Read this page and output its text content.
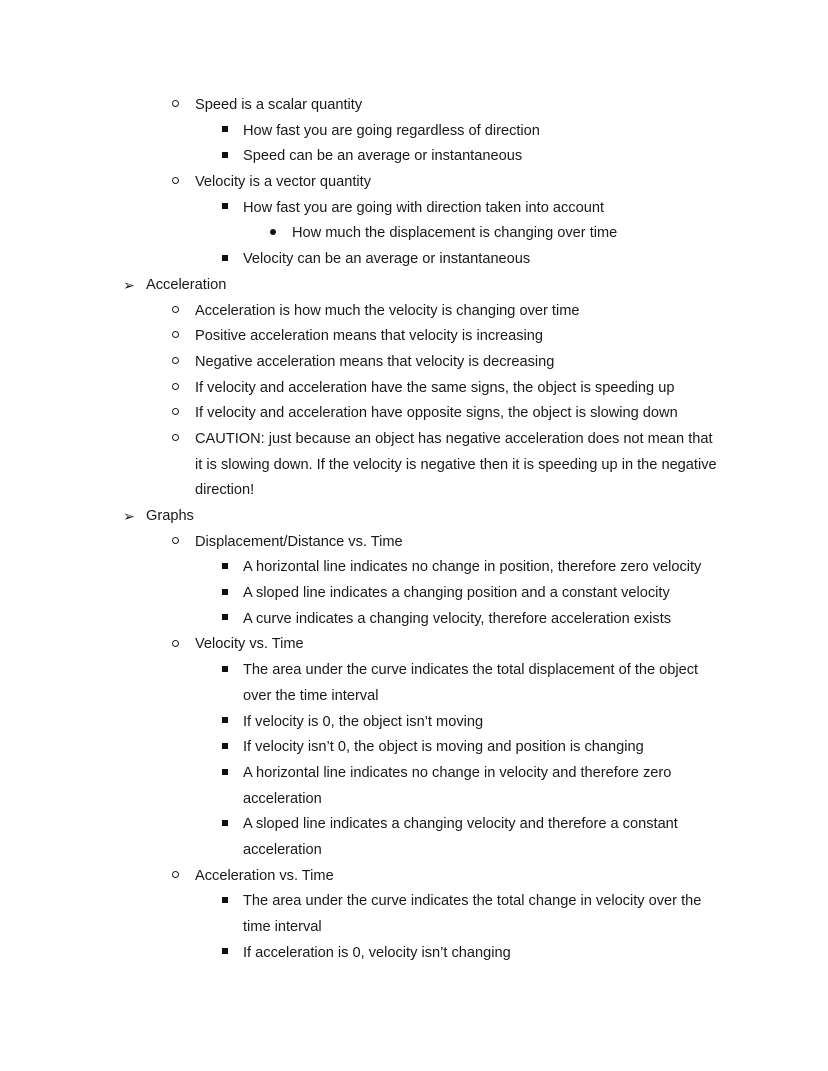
Speed is a scalar quantity
How fast you are going regardless of direction
Speed can be an average or instantaneous
Velocity is a vector quantity
How fast you are going with direction taken into account
How much the displacement is changing over time
Velocity can be an average or instantaneous
➢ Acceleration
Acceleration is how much the velocity is changing over time
Positive acceleration means that velocity is increasing
Negative acceleration means that velocity is decreasing
If velocity and acceleration have the same signs, the object is speeding up
If velocity and acceleration have opposite signs, the object is slowing down
CAUTION: just because an object has negative acceleration does not mean that
it is slowing down. If the velocity is negative then it is speeding up in the negative
direction!
➢ Graphs
Displacement/Distance vs. Time
A horizontal line indicates no change in position, therefore zero velocity
A sloped line indicates a changing position and a constant velocity
A curve indicates a changing velocity, therefore acceleration exists
Velocity vs. Time
The area under the curve indicates the total displacement of the object
over the time interval
If velocity is 0, the object isn’t moving
If velocity isn’t 0, the object is moving and position is changing
A horizontal line indicates no change in velocity and therefore zero
acceleration
A sloped line indicates a changing velocity and therefore a constant
acceleration
Acceleration vs. Time
The area under the curve indicates the total change in velocity over the
time interval
If acceleration is 0, velocity isn’t changing
